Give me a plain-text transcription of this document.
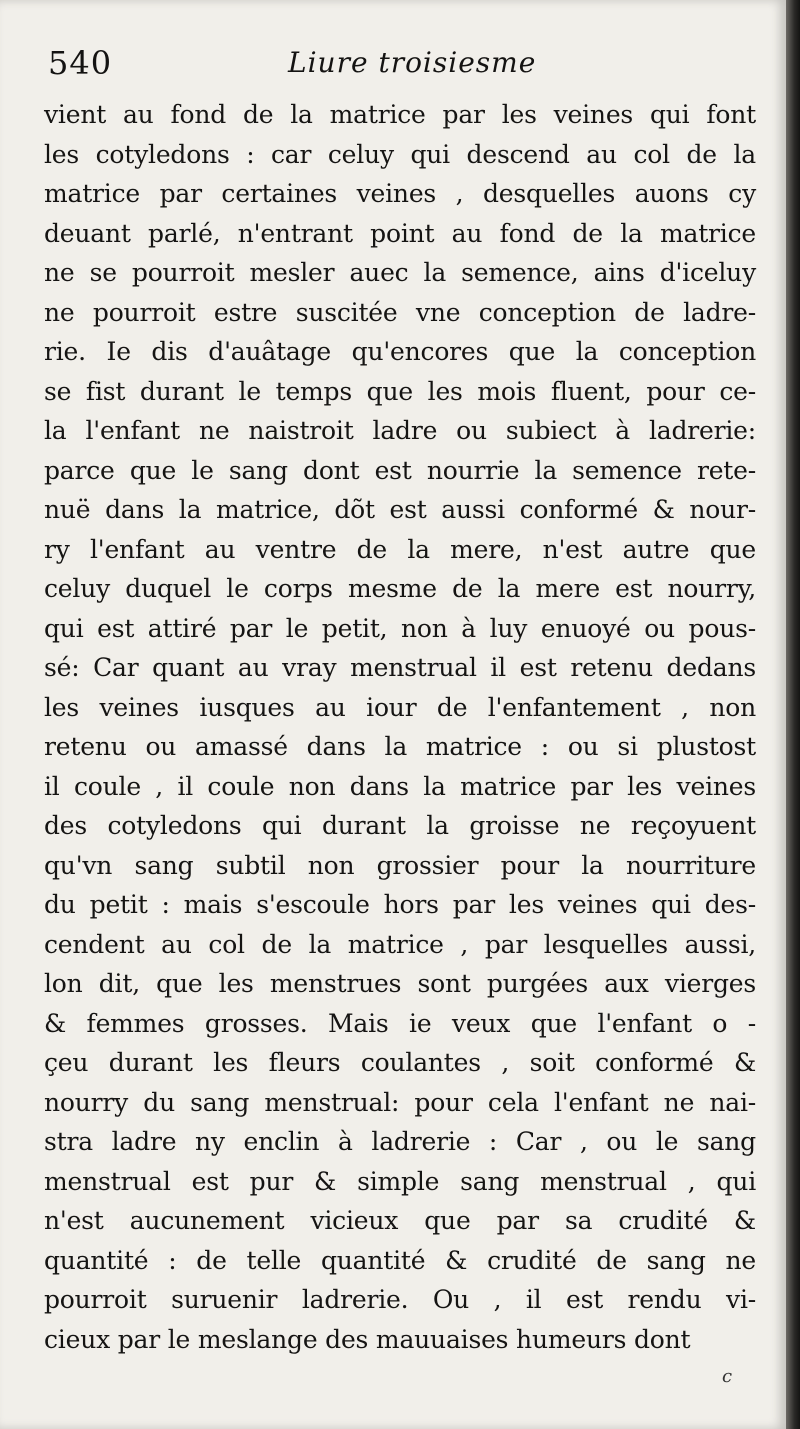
540	Liure troisiesme
vient au fond de la matrice par les veines qui font
les cotyledons : car celuy qui descend au col de la
matrice par certaines veines , desquelles auons cy
deuant parlé, n'entrant point au fond de la matrice
ne se pourroit mesler auec la semence, ains d'iceluy
ne pourroit estre suscitée vne conception de ladre-
rie. Ie dis d'auâtage qu'encores que la conception
se fist durant le temps que les mois fluent, pour ce-
la l'enfant ne naistroit ladre ou subiect à ladrerie:
parce que le sang dont est nourrie la semence rete-
nuë dans la matrice, dõt est aussi conformé & nour-
ry l'enfant au ventre de la mere, n'est autre que
celuy duquel le corps mesme de la mere est nourry,
qui est attiré par le petit, non à luy enuoyé ou pous-
sé: Car quant au vray menstrual il est retenu dedans
les veines iusques au iour de l'enfantement , non
retenu ou amassé dans la matrice : ou si plustost
il coule , il coule non dans la matrice par les veines
des cotyledons qui durant la groisse ne reçoyuent
qu'vn sang subtil non grossier pour la nourriture
du petit : mais s'escoule hors par les veines qui des-
cendent au col de la matrice , par lesquelles aussi,
lon dit, que les menstrues sont purgées aux vierges
& femmes grosses. Mais ie veux que l'enfant o -
çeu durant les fleurs coulantes , soit conformé &
nourry du sang menstrual: pour cela l'enfant ne nai-
stra ladre ny enclin à ladrerie : Car , ou le sang
menstrual est pur & simple sang menstrual , qui
n'est aucunement vicieux que par sa crudité &
quantité : de telle quantité & crudité de sang ne
pourroit suruenir ladrerie. Ou , il est rendu vi-
cieux par le meslange des mauuaises humeurs dont
c
